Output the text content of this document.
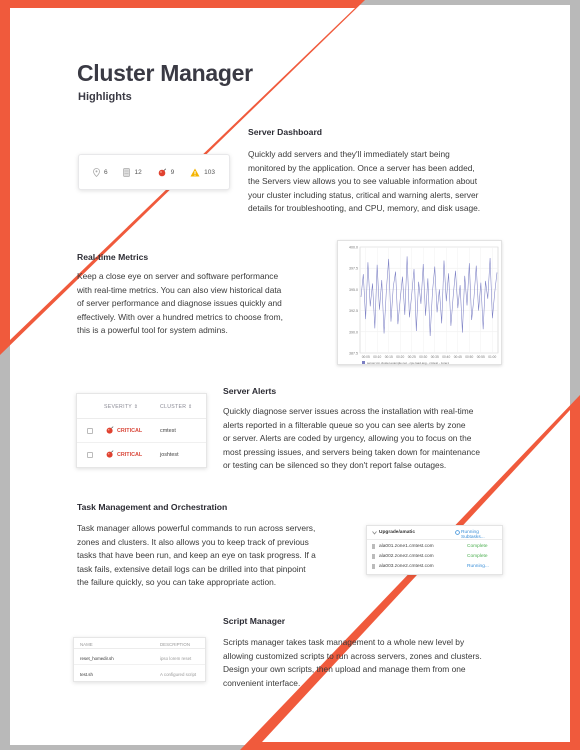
Cluster Manager
Highlights
Server Dashboard
Quickly add servers and they'll immediately start being
monitored by the application. Once a server has been added,
the Servers view allows you to see valuable information about
your cluster including status, critical and warning alerts, server
details for troubleshooting, and CPU, memory, and disk usage.
6	12	9	103
Real-time Metrics
Keep a close eye on server and software performance
with real-time metrics. You can also view historical data
of server performance and diagnose issues quickly and
effectively. With over a hundred metrics to choose from,
this is a powerful tool for system admins.
400.0
397.5
395.0
392.5
390.0
387.5
00:05 00:10 00:15 00:20 00:25 00:30 00:35 00:40 00:45 00:50 00:55 01:00
server:cm.cluster.example.net - cpu.load.avg - cmtest - zone1
Server Alerts
Quickly diagnose server issues across the installation with real-time
alerts reported in a filterable queue so you can see alerts by zone
or server. Alerts are coded by urgency, allowing you to focus on the
most pressing issues, and servers being taken down for maintenance
or testing can be silenced so they don't report false outages.
SEVERITY ⇕	CLUSTER ⇕
CRITICAL	cmtest
CRITICAL	joshtest
Task Management and Orchestration
Task manager allows powerful commands to run across servers,
zones and clusters. It also allows you to keep track of previous
tasks that have been run, and keep an eye on task progress. If a
task fails, extensive detail logs can be drilled into that pinpoint
the failure quickly, so you can take appropriate action.
Upgrade/amatic	Running Subtasks...
ala001.zone1.cmtest.com	Complete
ala002.zone2.cmtest.com	Complete
ala003.zone2.cmtest.com	Running...
Script Manager
Scripts manager takes task management to a whole new level by
allowing customized scripts to run across servers, zones and clusters.
Design your own scripts, then upload and manage them from one
convenient interface.
NAME	DESCRIPTION
reset_homedir.sh	ipso lorem reset
test.sh	A configured script
